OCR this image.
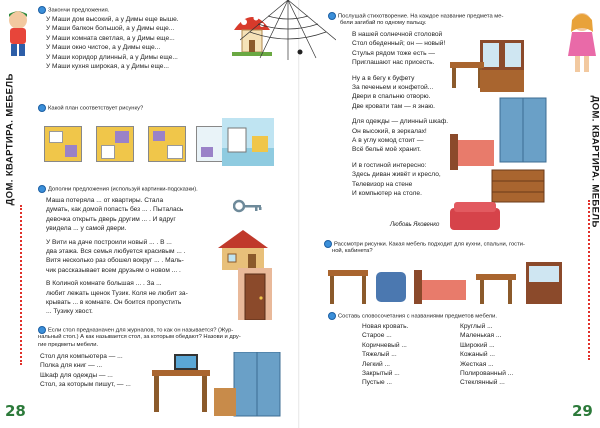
ДОМ. КВАРТИРА. МЕБЕЛЬ
Закончи предложения.
У Маши дом высокий, а у Димы еще выше.
У Маши балкон большой, а у Димы еще...
У Маши комната светлая, а у Димы еще...
У Маши окно чистое, а у Димы еще...
У Маши коридор длинный, а у Димы еще...
У Маши кухня широкая, а у Димы еще...
Какой план соответствует рисунку?
Дополни предложения (используй картинки-подсказки).
Маша потеряла ... от квартиры. Стала
думать, как домой попасть без ... . Пыталась
девочка открыть дверь другим ... . И вдруг
увидела ... у самой двери.
У Вити на даче построили новый ... . В ...
два этажа. Вся семья любуется красивым ... .
Витя несколько раз обошел вокруг ... . Маль-
чик рассказывает всем друзьям о новом ... .
В Колиной комнате большая ... . За ...
любит лежать щенок Тузик. Коля не любит за-
крывать ... в комнате. Он боится пропустить
... Тузику хвост.
Если стол предназначен для журналов, то как он называется? (Жур-
нальный стол.) А как называется стол, за которым обедают? Назови и дру-
гие предметы мебели.
Стол для компьютера — ...
Полка для книг — ...
Шкаф для одежды — ...
Стол, за которым пишут, — ...
28
ДОМ. КВАРТИРА. МЕБЕЛЬ
Послушай стихотворение. На каждое название предмета ме-
бели загибай по одному пальцу.
В нашей солнечной столовой
Стол обеденный; он — новый!
Стулья рядом тоже есть —
Приглашают нас присесть.
Ну а в бегу к буфету
За печеньем и конфетой...
Двери в спальню отворю.
Две кровати там — я знаю.
Для одежды — длинный шкаф.
Он высокий, в зеркалах!
А в углу комод стоит —
Всё бельё моё хранит.
И в гостиной интересно:
Здесь диван живёт и кресло,
Телевизор на стене
И компьютер на столе.
Любовь Яковенко
Рассмотри рисунки. Какая мебель подходит для кухни, спальни, гости-
ной, кабинета?
Составь словосочетания с названиями предметов мебели.
Новая кровать.
Старое ...
Коричневый ...
Тяжелый ...
Легкий ...
Закрытый ...
Пустые ...
Круглый ...
Маленькая ...
Широкий ...
Кожаный ...
Жесткая ...
Полированный ...
Стеклянный ...
29
